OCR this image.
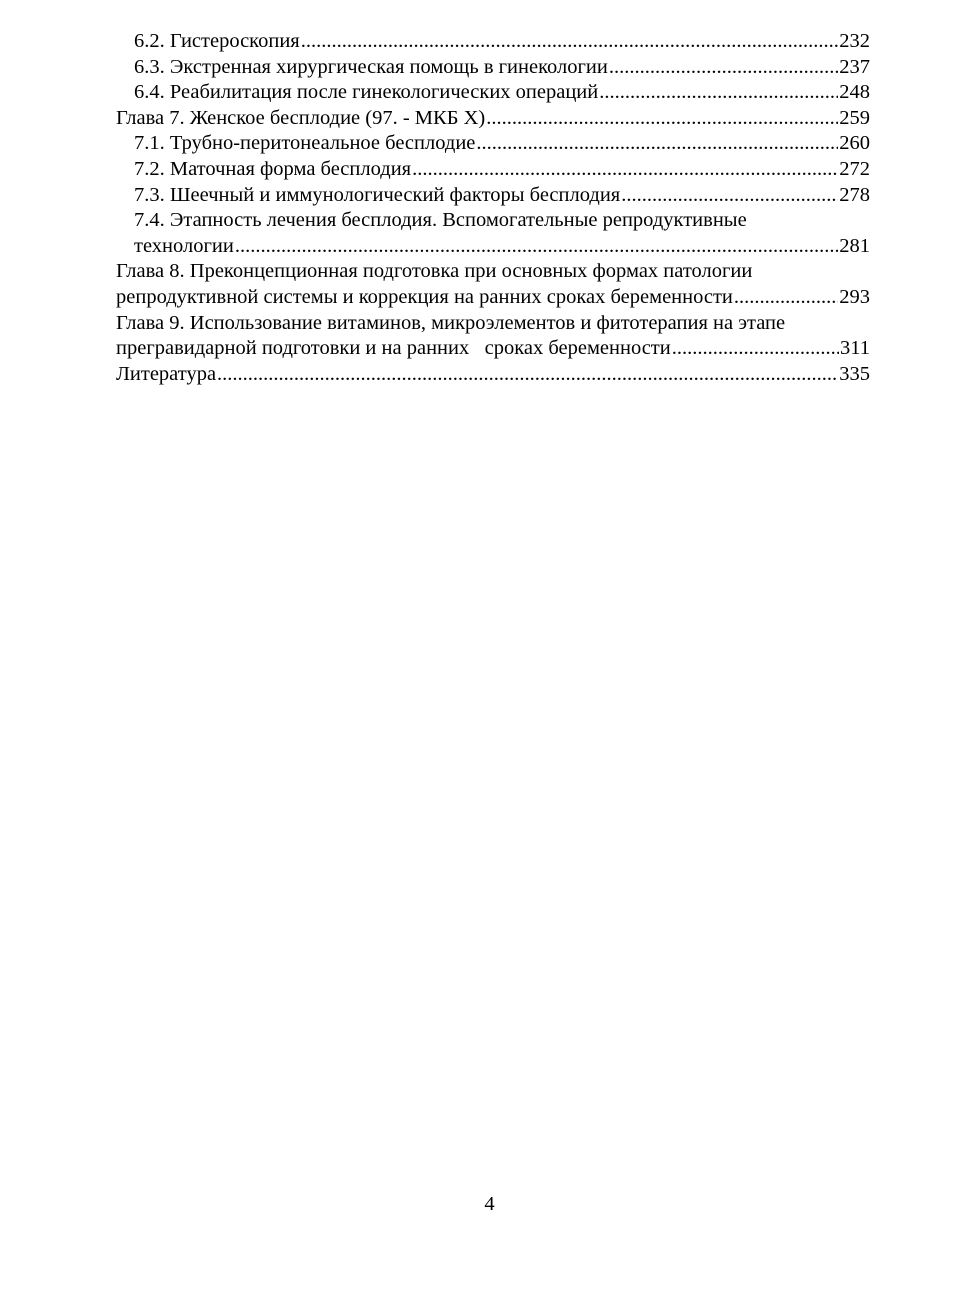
6.2. Гистероскопия .....	232
6.3. Экстренная хирургическая помощь в гинекологии .....	237
6.4. Реабилитация после гинекологических операций .....	248
Глава 7. Женское бесплодие (97. - МКБ X) .....	259
7.1. Трубно-перитонеальное бесплодие .....	260
7.2. Маточная форма бесплодия .....	272
7.3. Шеечный и иммунологический факторы бесплодия .....	278
7.4. Этапность лечения бесплодия. Вспомогательные репродуктивные
технологии .....	281
Глава 8. Преконцепционная подготовка при основных формах патологии
репродуктивной системы и коррекция на ранних сроках беременности .....	293
Глава 9. Использование витаминов, микроэлементов и фитотерапия на этапе
прегравидарной подготовки и на ранних   сроках беременности .....	311
Литература .....	335
4
